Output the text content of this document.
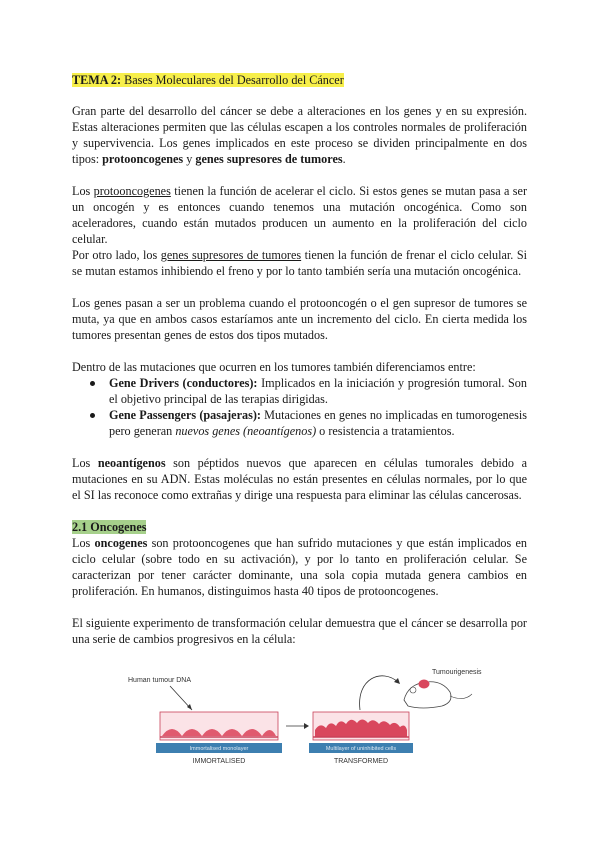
TEMA 2: Bases Moleculares del Desarrollo del Cáncer
Gran parte del desarrollo del cáncer se debe a alteraciones en los genes y en su expresión. Estas alteraciones permiten que las células escapen a los controles normales de proliferación y supervivencia. Los genes implicados en este proceso se dividen principalmente en dos tipos: protooncogenes y genes supresores de tumores.
Los protooncogenes tienen la función de acelerar el ciclo. Si estos genes se mutan pasa a ser un oncogén y es entonces cuando tenemos una mutación oncogénica. Como son aceleradores, cuando están mutados producen un aumento en la proliferación del ciclo celular.
Por otro lado, los genes supresores de tumores tienen la función de frenar el ciclo celular. Si se mutan estamos inhibiendo el freno y por lo tanto también sería una mutación oncogénica.
Los genes pasan a ser un problema cuando el protooncogén o el gen supresor de tumores se muta, ya que en ambos casos estaríamos ante un incremento del ciclo. En cierta medida los tumores presentan genes de estos dos tipos mutados.
Dentro de las mutaciones que ocurren en los tumores también diferenciamos entre:
Gene Drivers (conductores): Implicados en la iniciación y progresión tumoral. Son el objetivo principal de las terapias dirigidas.
Gene Passengers (pasajeras): Mutaciones en genes no implicadas en tumorogenesis pero generan nuevos genes (neoantígenos) o resistencia a tratamientos.
Los neoantígenos son péptidos nuevos que aparecen en células tumorales debido a mutaciones en su ADN. Estas moléculas no están presentes en células normales, por lo que el SI las reconoce como extrañas y dirige una respuesta para eliminar las células cancerosas.
2.1 Oncogenes
Los oncogenes son protooncogenes que han sufrido mutaciones y que están implicados en ciclo celular (sobre todo en su activación), y por lo tanto en proliferación celular. Se caracterizan por tener carácter dominante, una sola copia mutada genera cambios en proliferación. En humanos, distinguimos hasta 40 tipos de protooncogenes.
El siguiente experimento de transformación celular demuestra que el cáncer se desarrolla por una serie de cambios progresivos en la célula:
Human tumour DNA
Immortalised monolayer
IMMORTALISED
Multilayer of uninhibited cells
TRANSFORMED
Tumourigenesis
